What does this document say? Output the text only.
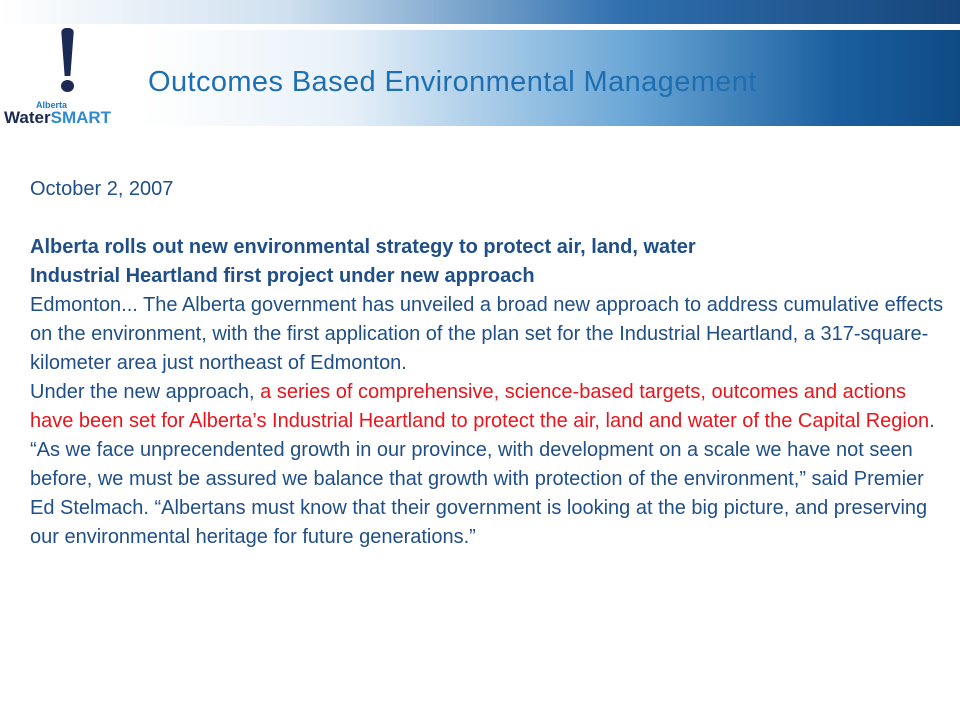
Alberta
WaterSMART
Outcomes Based Environmental Management

October 2, 2007

Alberta rolls out new environmental strategy to protect air, land, water

Industrial Heartland first project under new approach

Edmonton... The Alberta government has unveiled a broad new approach to address cumulative effects on the environment, with the first application of the plan set for the Industrial Heartland, a 317-square-kilometer area just northeast of Edmonton.

Under the new approach, a series of comprehensive, science-based targets, outcomes and actions have been set for Alberta’s Industrial Heartland to protect the air, land and water of the Capital Region.

“As we face unprecendented growth in our province, with development on a scale we have not seen before, we must be assured we balance that growth with protection of the environment,” said Premier Ed Stelmach. “Albertans must know that their government is looking at the big picture, and preserving our environmental heritage for future generations.”
